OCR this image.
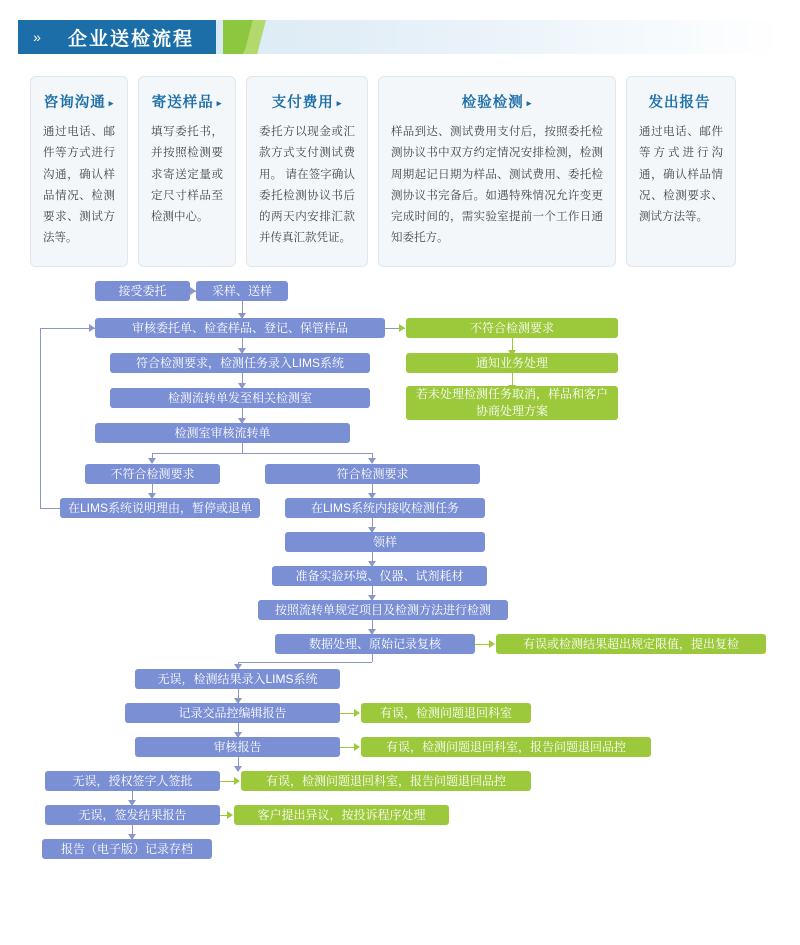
»	企业送检流程
咨询沟通 ▸
通过电话、邮件等方式进行沟通，确认样品情况、检测要求、测试方法等。
寄送样品 ▸
填写委托书，并按照检测要求寄送定量或定尺寸样品至检测中心。
支付费用 ▸
委托方以现金或汇款方式支付测试费用。 请在签字确认委托检测协议书后的两天内安排汇款并传真汇款凭证。
检验检测 ▸
样品到达、测试费用支付后，按照委托检测协议书中双方约定情况安排检测，检测周期起记日期为样品、测试费用、委托检测协议书完备后。如遇特殊情况允许变更完成时间的，需实验室提前一个工作日通知委托方。
发出报告
通过电话、邮件等方式进行沟通，确认样品情况、检测要求、测试方法等。
接受委托	采样、送样
审核委托单、检查样品、登记、保管样品	不符合检测要求
符合检测要求，检测任务录入LIMS系统	通知业务处理
检测流转单发至相关检测室	若未处理检测任务取消，样品和客户协商处理方案
检测室审核流转单
不符合检测要求	符合检测要求
在LIMS系统说明理由，暂停或退单	在LIMS系统内接收检测任务
领样
准备实验环境、仪器、试剂耗材
按照流转单规定项目及检测方法进行检测
数据处理、原始记录复核	有误或检测结果超出规定限值，提出复检
无误，检测结果录入LIMS系统
记录交品控编辑报告	有误，检测问题退回科室
审核报告	有误，检测问题退回科室，报告问题退回品控
无误，授权签字人签批	有误，检测问题退回科室，报告问题退回品控
无误，签发结果报告	客户提出异议，按投诉程序处理
报告（电子版）记录存档
